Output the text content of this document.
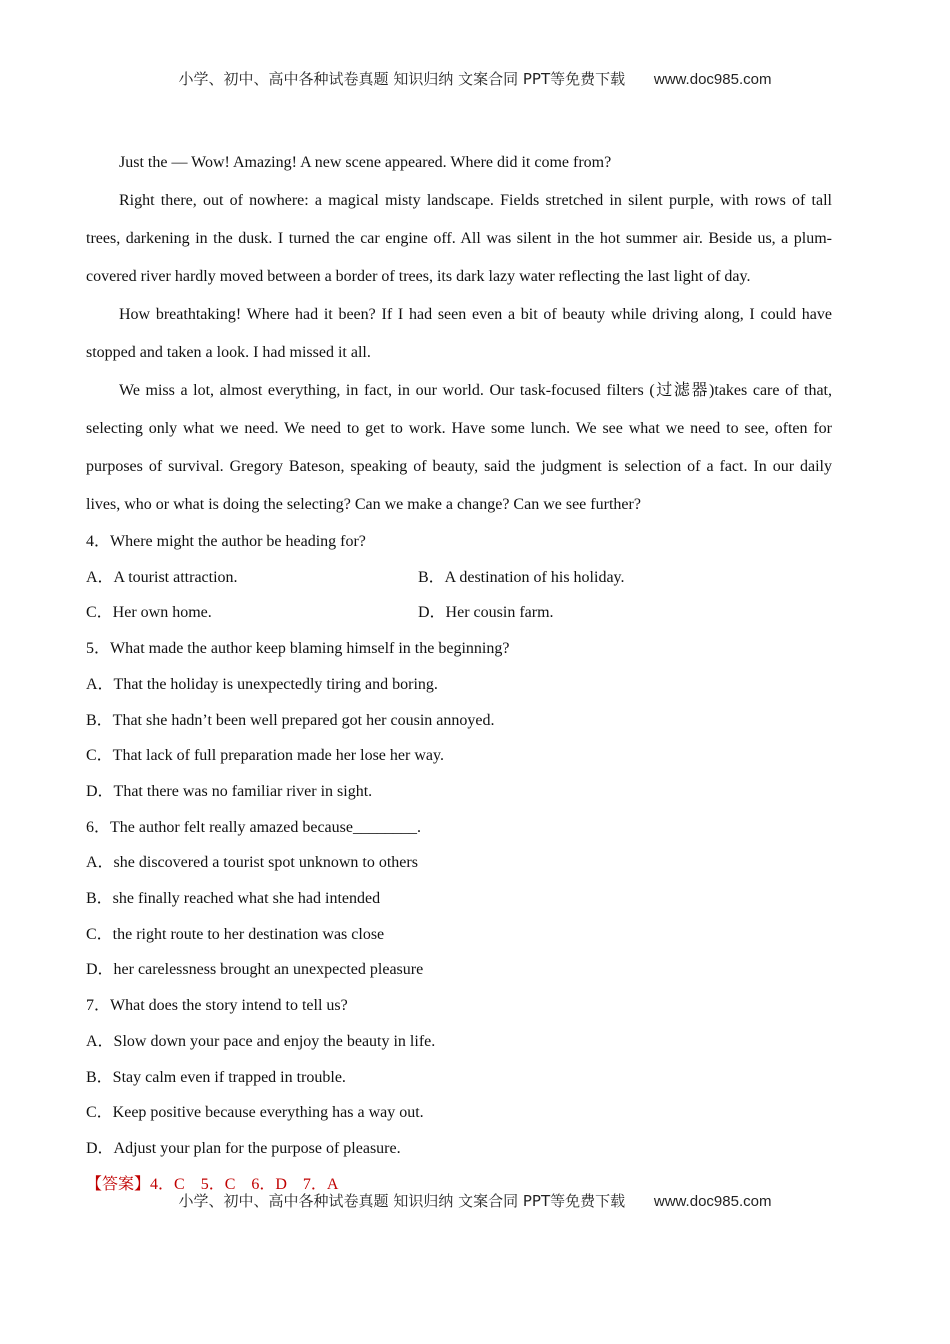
小学、初中、高中各种试卷真题 知识归纳 文案合同 PPT等免费下载 www.doc985.com

Just the — Wow! Amazing! A new scene appeared. Where did it come from?

Right there, out of nowhere: a magical misty landscape. Fields stretched in silent purple, with rows of tall trees, darkening in the dusk. I turned the car engine off. All was silent in the hot summer air. Beside us, a plum-covered river hardly moved between a border of trees, its dark lazy water reflecting the last light of day.

How breathtaking! Where had it been? If I had seen even a bit of beauty while driving along, I could have stopped and taken a look. I had missed it all.

We miss a lot, almost everything, in fact, in our world. Our task-focused filters (过滤器)takes care of that, selecting only what we need. We need to get to work. Have some lunch. We see what we need to see, often for purposes of survival. Gregory Bateson, speaking of beauty, said the judgment is selection of a fact. In our daily lives, who or what is doing the selecting? Can we make a change? Can we see further?

4．Where might the author be heading for?

A．A tourist attraction.	B．A destination of his holiday.

C．Her own home.	D．Her cousin farm.

5．What made the author keep blaming himself in the beginning?

A．That the holiday is unexpectedly tiring and boring.

B．That she hadn’t been well prepared got her cousin annoyed.

C．That lack of full preparation made her lose her way.

D．That there was no familiar river in sight.

6．The author felt really amazed because________.

A．she discovered a tourist spot unknown to others

B．she finally reached what she had intended

C．the right route to her destination was close

D．her carelessness brought an unexpected pleasure

7．What does the story intend to tell us?

A．Slow down your pace and enjoy the beauty in life.

B．Stay calm even if trapped in trouble.

C．Keep positive because everything has a way out.

D．Adjust your plan for the purpose of pleasure.

【答案】4．C　5．C　6．D　7．A

小学、初中、高中各种试卷真题 知识归纳 文案合同 PPT等免费下载 www.doc985.com
